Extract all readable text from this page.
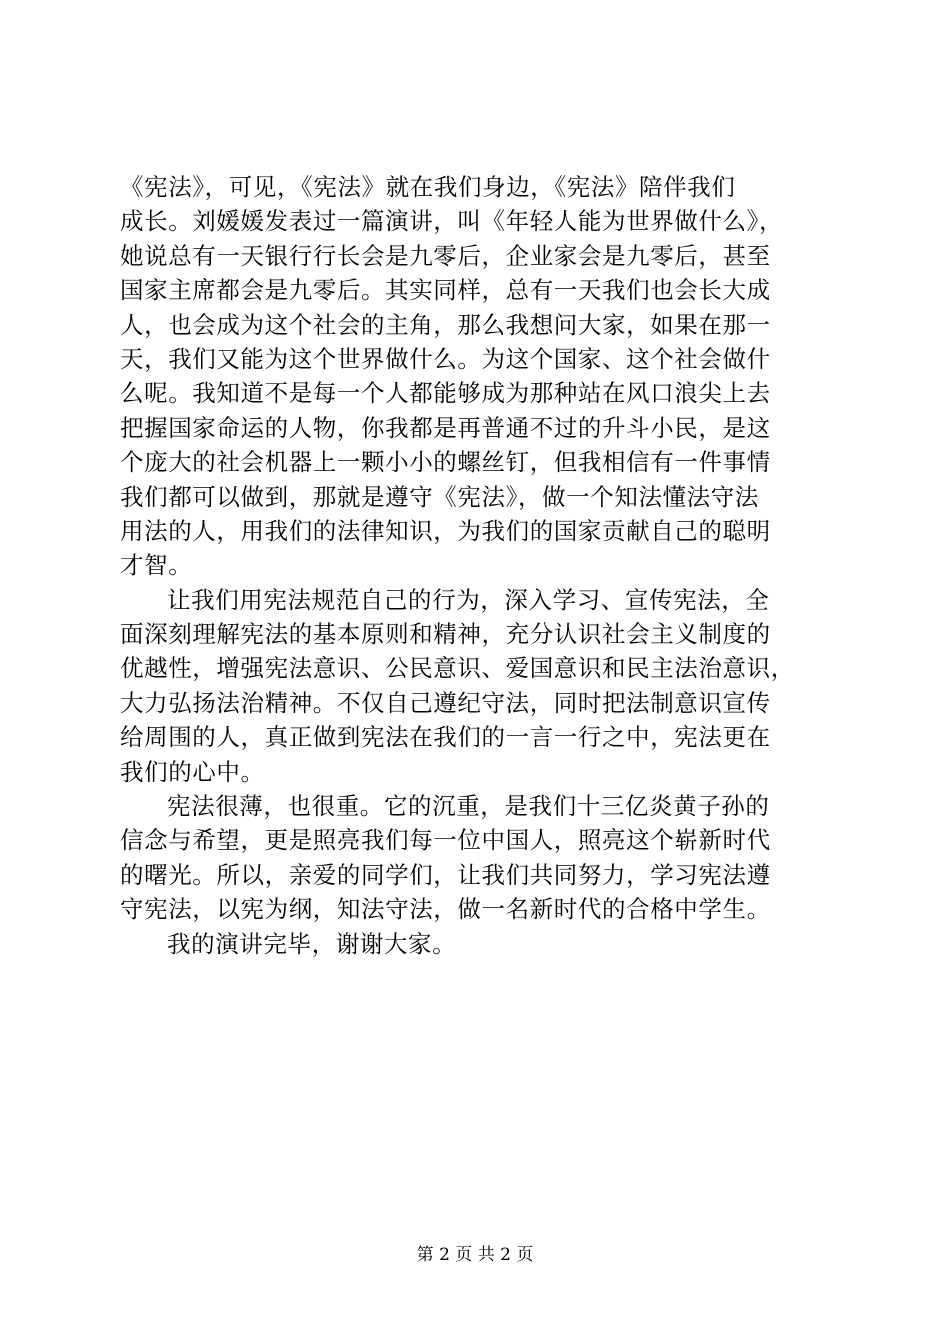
《宪法》，可见，《宪法》就在我们身边，《宪法》陪伴我们
成长。刘媛媛发表过一篇演讲，叫《年轻人能为世界做什么》，
她说总有一天银行行长会是九零后，企业家会是九零后，甚至
国家主席都会是九零后。其实同样，总有一天我们也会长大成
人，也会成为这个社会的主角，那么我想问大家，如果在那一
天，我们又能为这个世界做什么。为这个国家、这个社会做什
么呢。我知道不是每一个人都能够成为那种站在风口浪尖上去
把握国家命运的人物，你我都是再普通不过的升斗小民，是这
个庞大的社会机器上一颗小小的螺丝钉，但我相信有一件事情
我们都可以做到，那就是遵守《宪法》，做一个知法懂法守法
用法的人，用我们的法律知识，为我们的国家贡献自己的聪明
才智。
让我们用宪法规范自己的行为，深入学习、宣传宪法，全
面深刻理解宪法的基本原则和精神，充分认识社会主义制度的
优越性，增强宪法意识、公民意识、爱国意识和民主法治意识，
大力弘扬法治精神。不仅自己遵纪守法，同时把法制意识宣传
给周围的人，真正做到宪法在我们的一言一行之中，宪法更在
我们的心中。
宪法很薄，也很重。它的沉重，是我们十三亿炎黄子孙的
信念与希望，更是照亮我们每一位中国人，照亮这个崭新时代
的曙光。所以，亲爱的同学们，让我们共同努力，学习宪法遵
守宪法，以宪为纲，知法守法，做一名新时代的合格中学生。
我的演讲完毕，谢谢大家。
第 2 页 共 2 页
